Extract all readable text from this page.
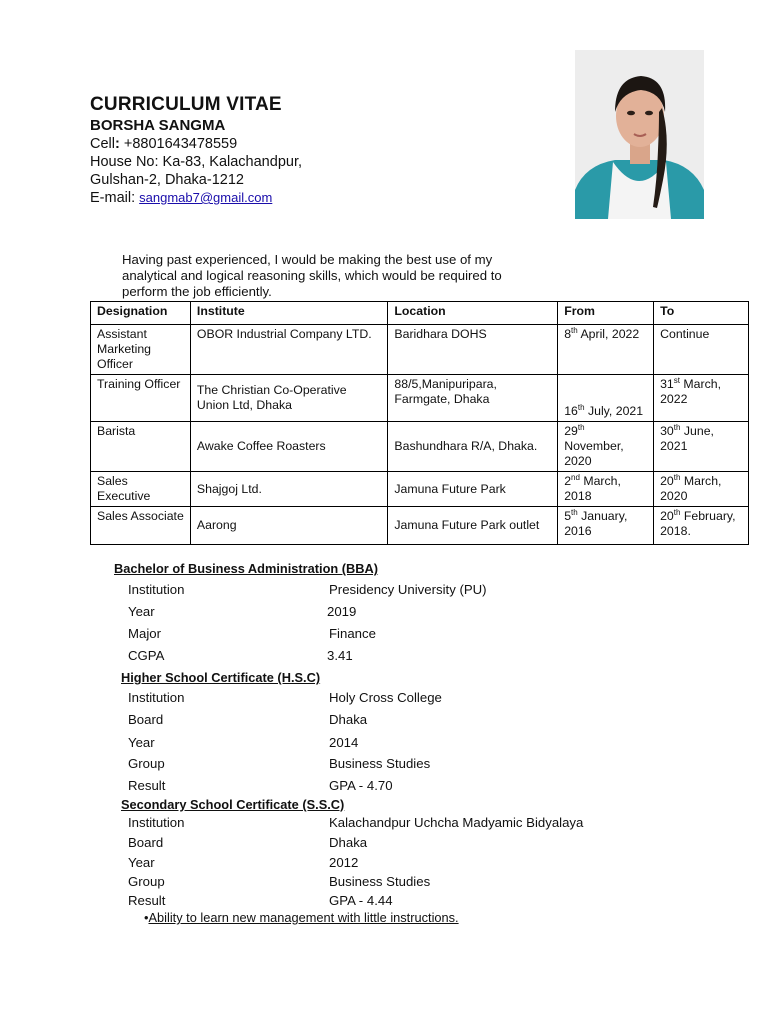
CURRICULUM VITAE
BORSHA SANGMA
Cell: +8801643478559
House No: Ka-83, Kalachandpur,
Gulshan-2, Dhaka-1212
E-mail: sangmab7@gmail.com
Having past experienced, I would be making the best use of my analytical and logical reasoning skills, which would be required to perform the job efficiently.
Designation	Institute	Location	From	To
Assistant Marketing Officer	OBOR Industrial Company LTD.	Baridhara DOHS	8th April, 2022	Continue
Training Officer	The Christian Co-Operative Union Ltd, Dhaka	88/5,Manipuripara, Farmgate, Dhaka	16th July, 2021	31st March, 2022
Barista	Awake Coffee Roasters	Bashundhara R/A, Dhaka.	29th November, 2020	30th June, 2021
Sales Executive	Shajgoj Ltd.	Jamuna Future Park	2nd March, 2018	20th March, 2020
Sales Associate	Aarong	Jamuna Future Park outlet	5th January, 2016	20th February, 2018.
Bachelor of Business Administration (BBA)
Institution	Presidency University (PU)
Year	2019
Major	Finance
CGPA	3.41
Higher School Certificate (H.S.C)
Institution	Holy Cross College
Board	Dhaka
Year	2014
Group	Business Studies
Result	GPA - 4.70
Secondary School Certificate (S.S.C)
Institution	Kalachandpur Uchcha Madyamic Bidyalaya
Board	Dhaka
Year	2012
Group	Business Studies
Result	GPA - 4.44
•Ability to learn new management with little instructions.
